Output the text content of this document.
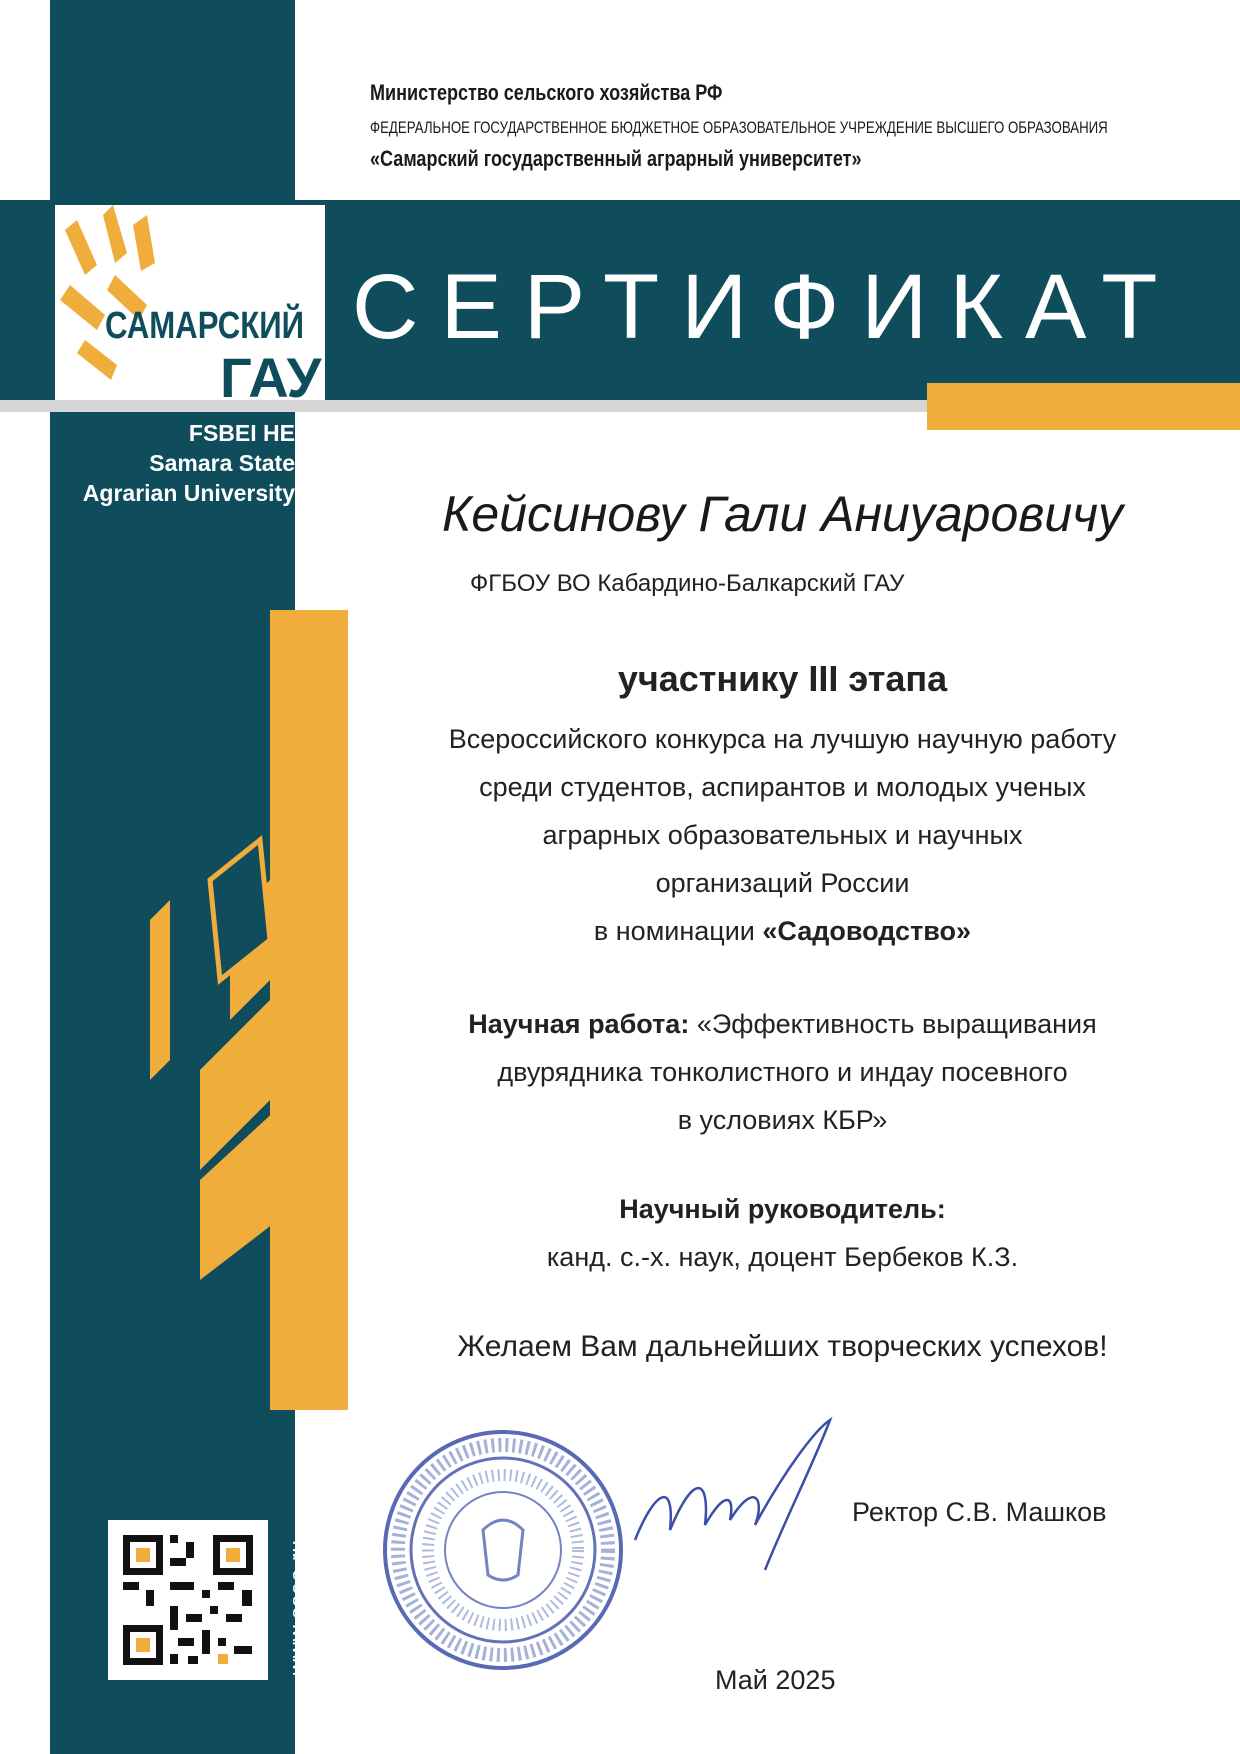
САМАРСКИЙ
ГАУ
Министерство сельского хозяйства РФ
ФЕДЕРАЛЬНОЕ ГОСУДАРСТВЕННОЕ БЮДЖЕТНОЕ ОБРАЗОВАТЕЛЬНОЕ УЧРЕЖДЕНИЕ ВЫСШЕГО ОБРАЗОВАНИЯ
«Самарский государственный аграрный университет»
СЕРТИФИКАТ
FSBEI HE
Samara State
Agrarian University
www.ssaa.ru
Кейсинову Гали Аниуаровичу
ФГБОУ ВО Кабардино-Балкарский ГАУ
участнику III этапа
Всероссийского конкурса на лучшую научную работу
среди студентов, аспирантов и молодых ученых
аграрных образовательных и научных
организаций России
в номинации «Садоводство»
Научная работа: «Эффективность выращивания
двурядника тонколистного и индау посевного
в условиях КБР»
Научный руководитель:
канд. с.-х. наук, доцент Бербеков К.З.
Желаем Вам дальнейших творческих успехов!
Ректор С.В. Машков
Май 2025
